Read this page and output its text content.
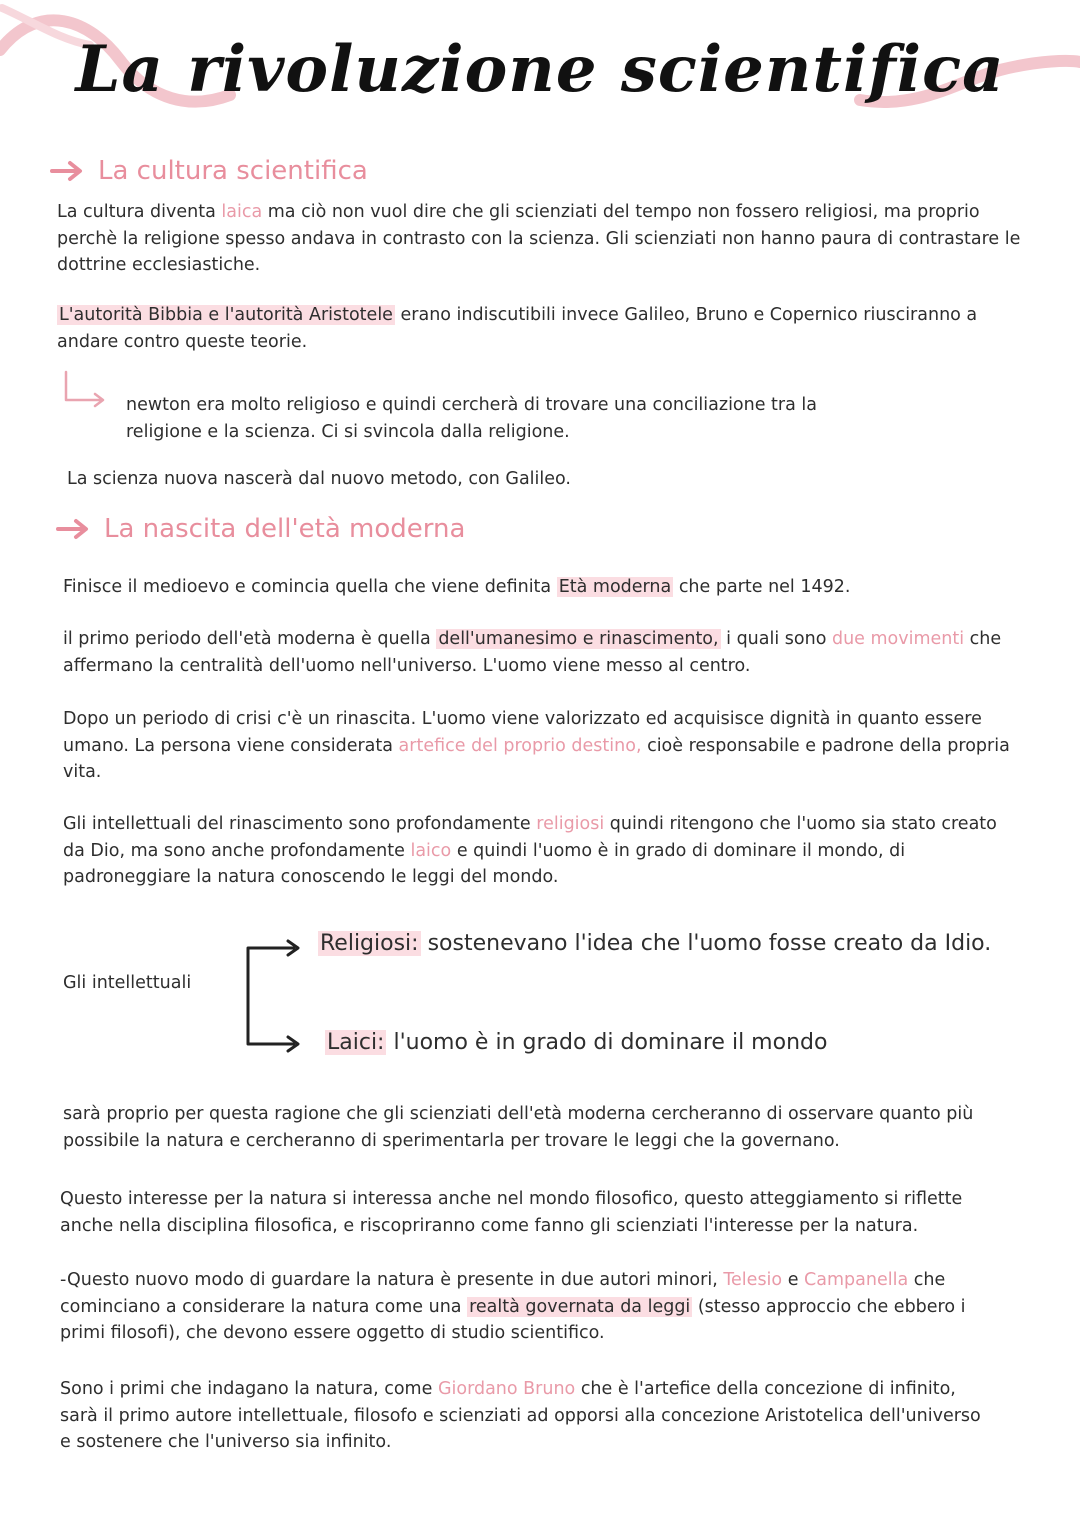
La rivoluzione scientifica
La cultura scientifica
La cultura diventa laica ma ciò non vuol dire che gli scienziati del tempo non fossero religiosi, ma proprio
perchè la religione spesso andava in contrasto con la scienza. Gli scienziati non hanno paura di contrastare le
dottrine ecclesiastiche.
L'autorità Bibbia e l'autorità Aristotele erano indiscutibili invece Galileo, Bruno e Copernico riusciranno a
andare contro queste teorie.
newton era molto religioso e quindi cercherà di trovare una conciliazione tra la
religione e la scienza. Ci si svincola dalla religione.
La scienza nuova nascerà dal nuovo metodo, con Galileo.
La nascita dell'età moderna
Finisce il medioevo e comincia quella che viene definita Età moderna che parte nel 1492.
il primo periodo dell'età moderna è quella dell'umanesimo e rinascimento, i quali sono due movimenti che
affermano la centralità dell'uomo nell'universo. L'uomo viene messo al centro.
Dopo un periodo di crisi c'è un rinascita. L'uomo viene valorizzato ed acquisisce dignità in quanto essere
umano. La persona viene considerata artefice del proprio destino, cioè responsabile e padrone della propria
vita.
Gli intellettuali del rinascimento sono profondamente religiosi quindi ritengono che l'uomo sia stato creato
da Dio, ma sono anche profondamente laico e quindi l'uomo è in grado di dominare il mondo, di
padroneggiare la natura conoscendo le leggi del mondo.
Gli intellettuali
Religiosi: sostenevano l'idea che l'uomo fosse creato da Idio.
Laici: l'uomo è in grado di dominare il mondo
sarà proprio per questa ragione che gli scienziati dell'età moderna cercheranno di osservare quanto più
possibile la natura e cercheranno di sperimentarla per trovare le leggi che la governano.
Questo interesse per la natura si interessa anche nel mondo filosofico, questo atteggiamento si riflette
anche nella disciplina filosofica, e riscopriranno come fanno gli scienziati l'interesse per la natura.
-Questo nuovo modo di guardare la natura è presente in due autori minori, Telesio e Campanella che
cominciano a considerare la natura come una realtà governata da leggi (stesso approccio che ebbero i
primi filosofi), che devono essere oggetto di studio scientifico.
Sono i primi che indagano la natura, come Giordano Bruno che è l'artefice della concezione di infinito,
sarà il primo autore intellettuale, filosofo e scienziati ad opporsi alla concezione Aristotelica dell'universo
e sostenere che l'universo sia infinito.
